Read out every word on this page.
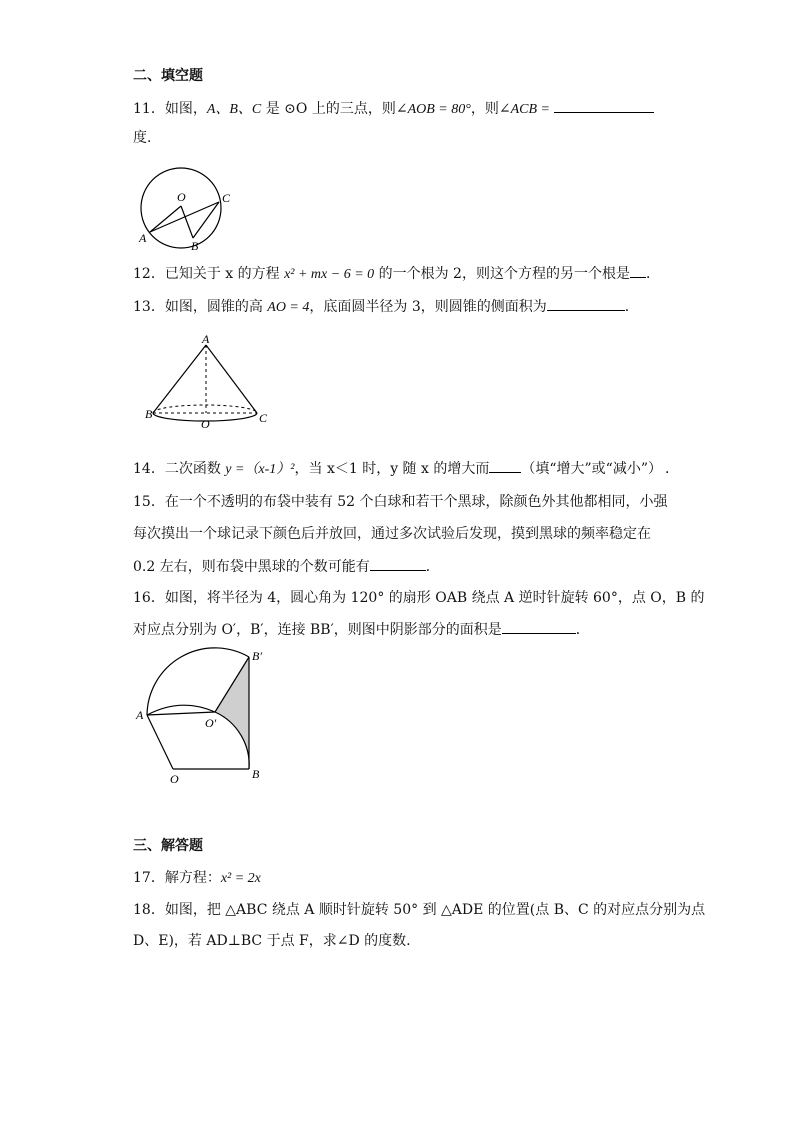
二、填空题
11．如图，A、B、C 是 ⊙O 上的三点，则∠AOB = 80°，则∠ACB =
度．
O	C
A
B
12．已知关于 x 的方程 x² + mx − 6 = 0 的一个根为 2，则这个方程的另一个根是 ．
13．如图，圆锥的高 AO = 4，底面圆半径为 3，则圆锥的侧面积为	．
A
B
O	C
14．二次函数 y =（x-1）²，当 x＜1 时，y 随 x 的增大而 （填“增大”或“减小”） ．
15．在一个不透明的布袋中装有 52 个白球和若干个黑球，除颜色外其他都相同，小强
每次摸出一个球记录下颜色后并放回，通过多次试验后发现，摸到黑球的频率稳定在
0.2 左右，则布袋中黑球的个数可能有	．
16．如图，将半径为 4，圆心角为 120° 的扇形 OAB 绕点 A 逆时针旋转 60°，点 O，B 的
对应点分别为 O′，B′，连接 BB′，则图中阴影部分的面积是	．
B′
A
O′
O	B
三、解答题
17．解方程：x² = 2x
18．如图，把 △ABC 绕点 A 顺时针旋转 50° 到 △ADE 的位置(点 B、C 的对应点分别为点
D、E)，若 AD⊥BC 于点 F，求∠D 的度数.
